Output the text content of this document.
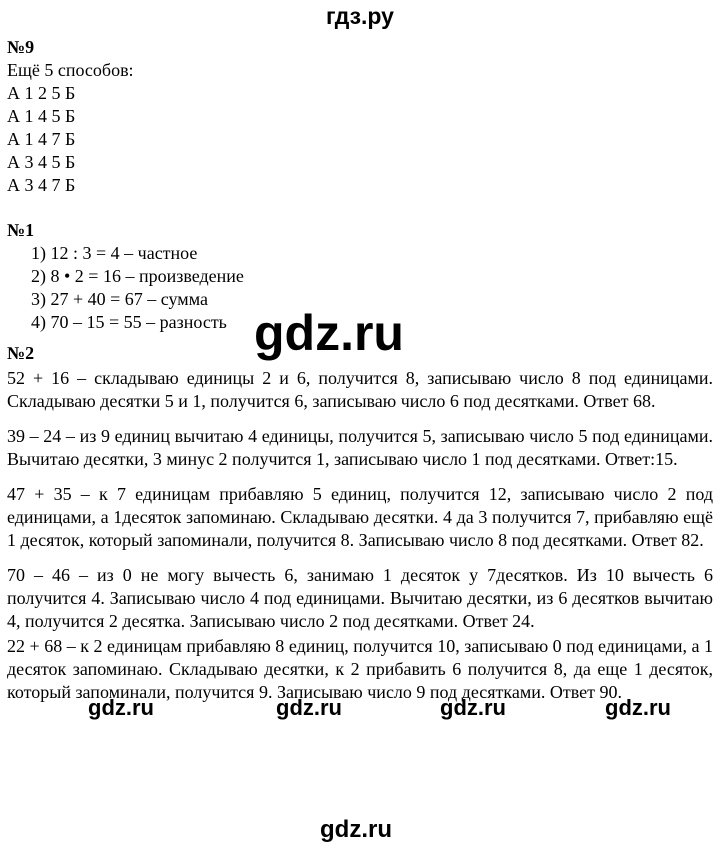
гдз.ру
№9
Ещё 5 способов:
А 1 2 5 Б
А 1 4 5 Б
А 1 4 7 Б
А 3 4 5 Б
А 3 4 7 Б
№1
1) 12 : 3 = 4 – частное
2) 8 • 2 = 16 – произведение
3) 27 + 40 = 67 – сумма
4) 70 – 15 = 55 – разность
№2
52 + 16 – складываю единицы 2 и 6, получится 8, записываю число 8 под единицами. Складываю десятки 5 и 1, получится 6, записываю число 6 под десятками. Ответ 68.
39 – 24 – из 9 единиц вычитаю 4 единицы, получится 5, записываю число 5 под единицами. Вычитаю десятки, 3 минус 2 получится 1, записываю число 1 под десятками. Ответ:15.
47 + 35 – к 7 единицам прибавляю 5 единиц, получится 12, записываю число 2 под единицами, а 1десяток запоминаю. Складываю десятки. 4 да 3 получится 7, прибавляю ещё 1 десяток, который запоминали, получится 8. Записываю число 8 под десятками. Ответ 82.
70 – 46 – из 0 не могу вычесть 6, занимаю 1 десяток у 7десятков. Из 10 вычесть 6 получится 4. Записываю число 4 под единицами. Вычитаю десятки, из 6 десятков вычитаю 4, получится 2 десятка. Записываю число 2 под десятками. Ответ 24.
22 + 68 – к 2 единицам прибавляю 8 единиц, получится 10, записываю 0 под единицами, а 1 десяток запоминаю. Складываю десятки, к 2 прибавить 6 получится 8, да еще 1 десяток, который запоминали, получится 9. Записываю число 9 под десятками. Ответ 90.
gdz.ru
gdz.ru	gdz.ru	gdz.ru	gdz.ru
gdz.ru
